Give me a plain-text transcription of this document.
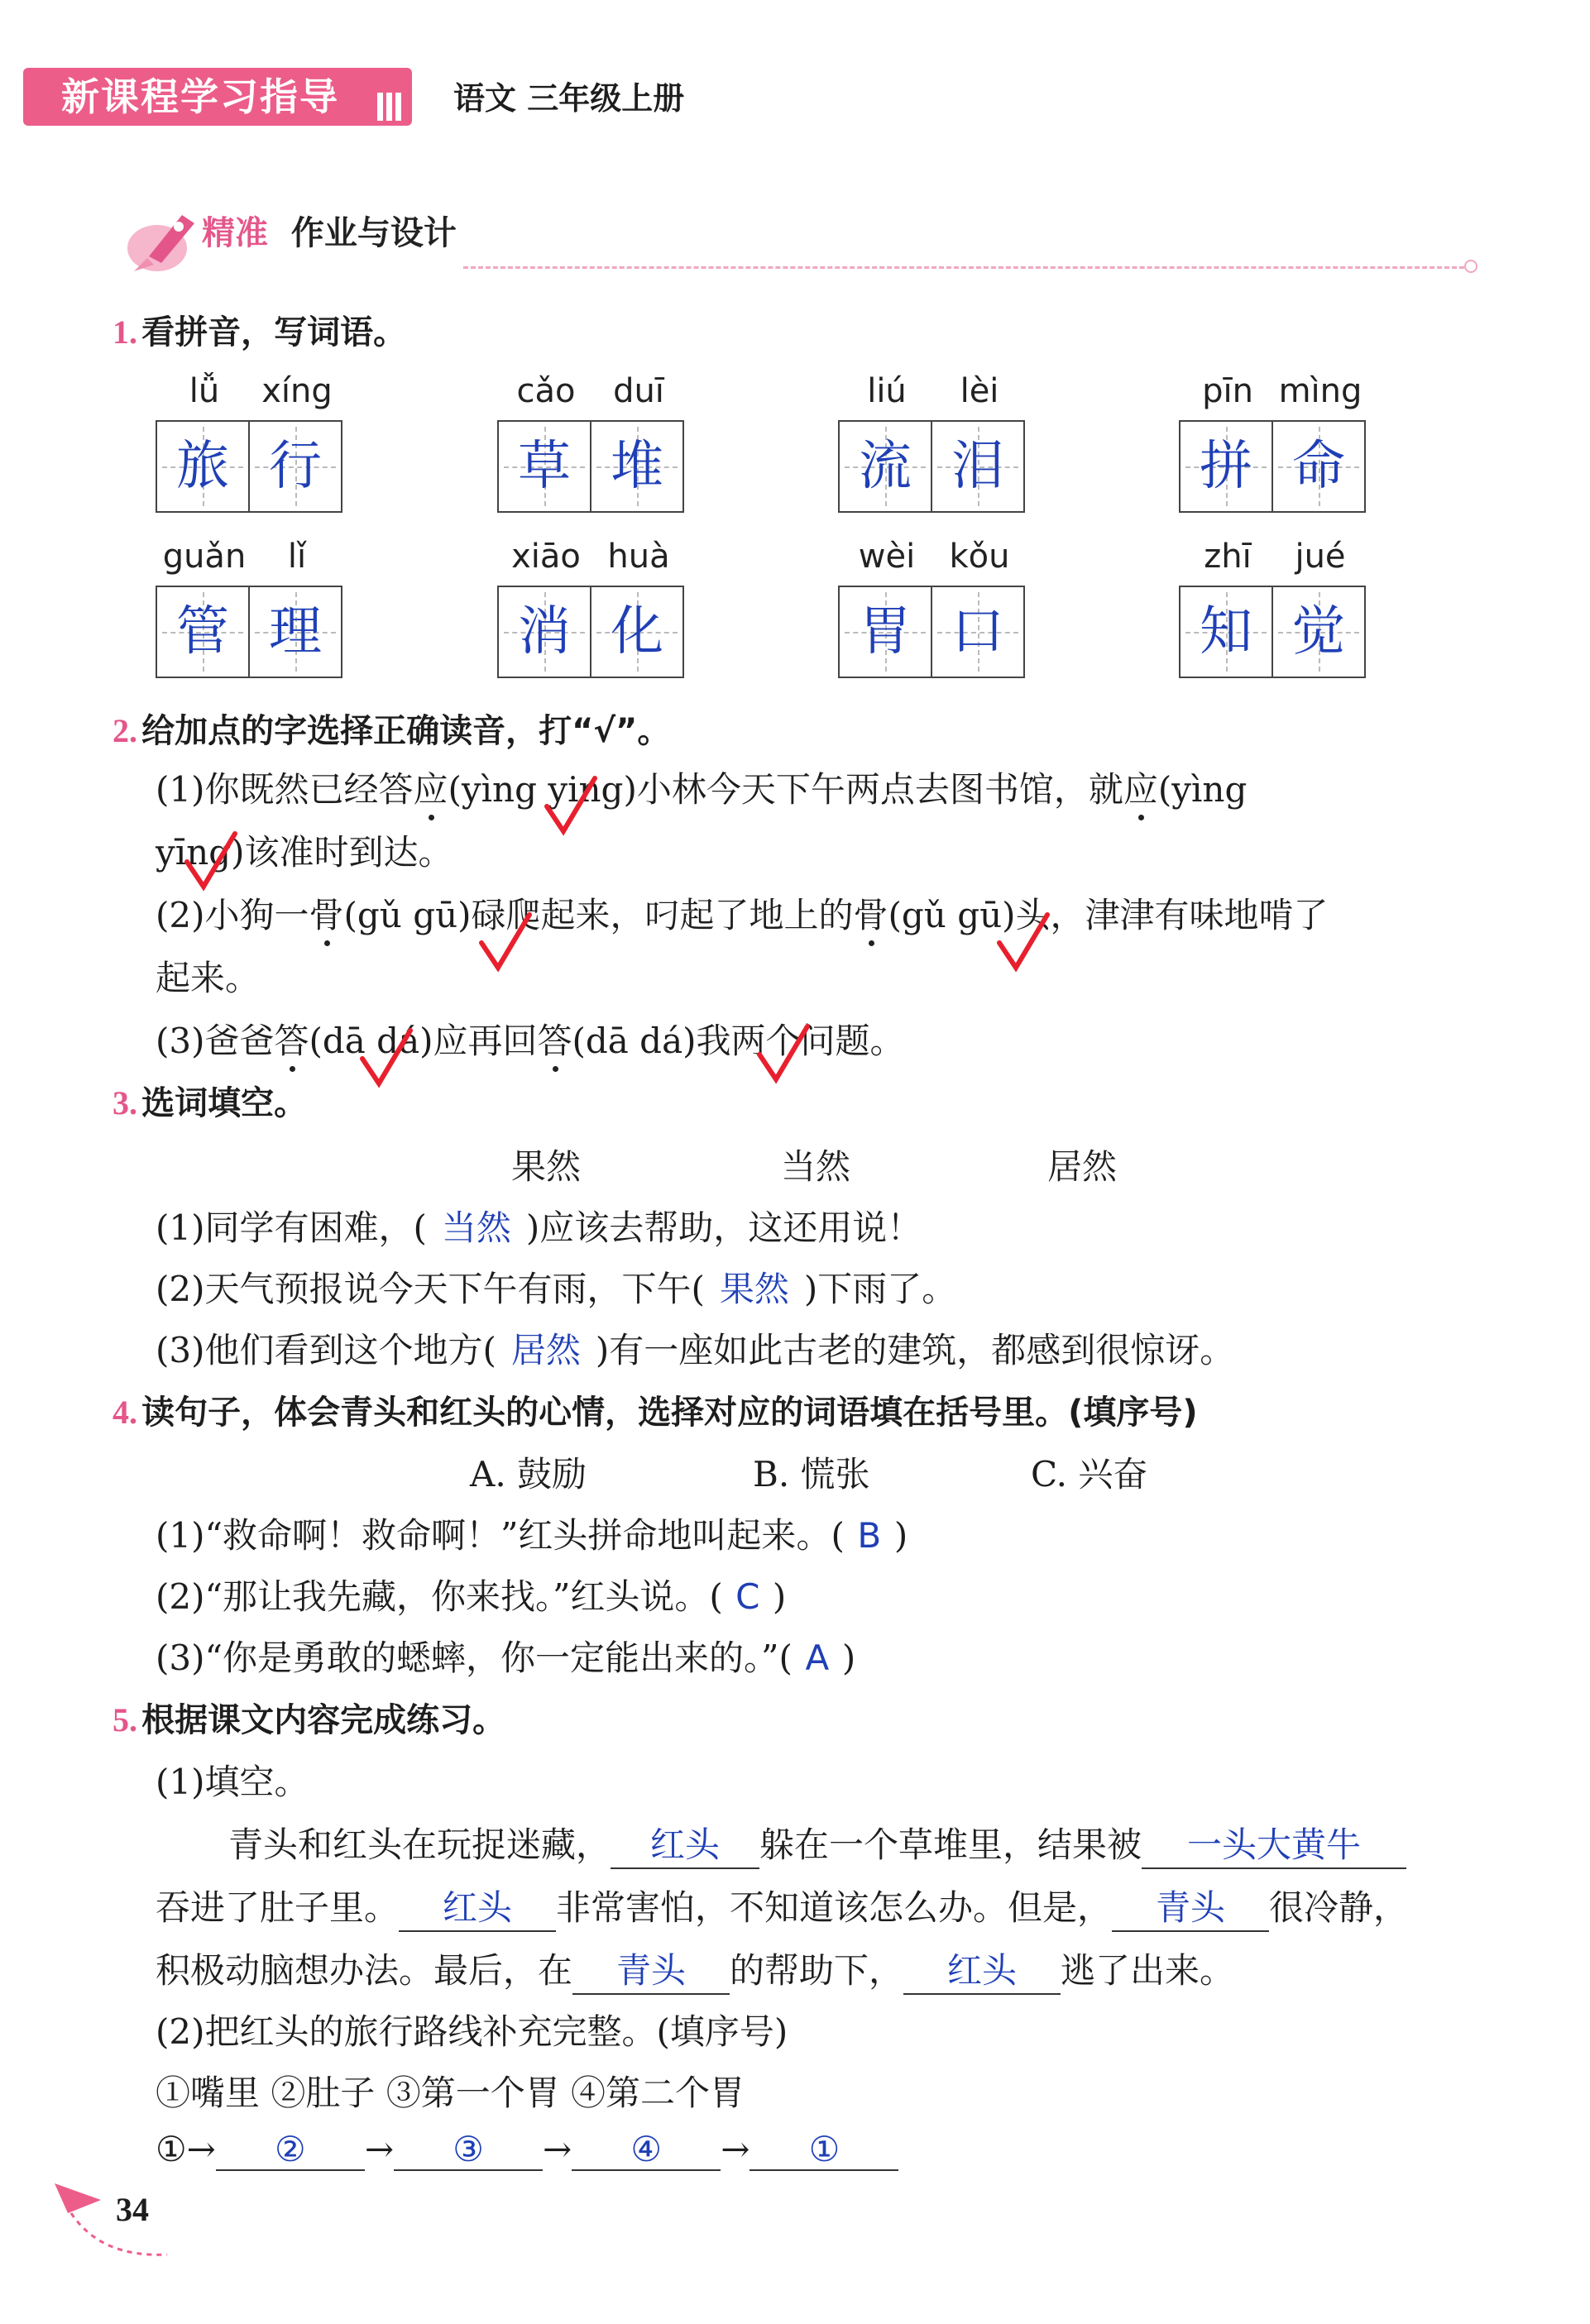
新课程学习指导	语文 三年级上册
精准 作业与设计
1. 看拼音，写词语。
lǚ xíng
旅 行
cǎo duī
草 堆
liú lèi
流 泪
pīn mìng
拼 命
guǎn lǐ
管 理
xiāo huà
消 化
wèi kǒu
胃 口
zhī jué
知 觉
2. 给加点的字选择正确读音，打“√”。
(1)你既然已经答应(yìng ying)小林今天下午两点去图书馆，就应(yìng
yīng)该准时到达。
(2)小狗一骨(gǔ gū)碌爬起来，叼起了地上的骨(gǔ gū)头，津津有味地啃了
起来。
(3)爸爸答(dā dá)应再回答(dā dá)我两个问题。
3. 选词填空。
果然	当然	居然
(1)同学有困难，( 当然 )应该去帮助，这还用说！
(2)天气预报说今天下午有雨，下午( 果然 )下雨了。
(3)他们看到这个地方( 居然 )有一座如此古老的建筑，都感到很惊讶。
4. 读句子，体会青头和红头的心情，选择对应的词语填在括号里。(填序号)
A. 鼓励	B. 慌张	C. 兴奋
(1)“救命啊！救命啊！”红头拼命地叫起来。( B )
(2)“那让我先藏，你来找。”红头说。( C )
(3)“你是勇敢的蟋蟀，你一定能出来的。”( A )
5. 根据课文内容完成练习。
(1)填空。
青头和红头在玩捉迷藏， 红头 躲在一个草堆里，结果被 一头大黄牛
吞进了肚子里。 红头 非常害怕，不知道该怎么办。但是， 青头 很冷静，
积极动脑想办法。最后，在 青头 的帮助下， 红头 逃了出来。
(2)把红头的旅行路线补充完整。(填序号)
①嘴里 ②肚子 ③第一个胃 ④第二个胃
①→ ② → ③ → ④ → ①
34
